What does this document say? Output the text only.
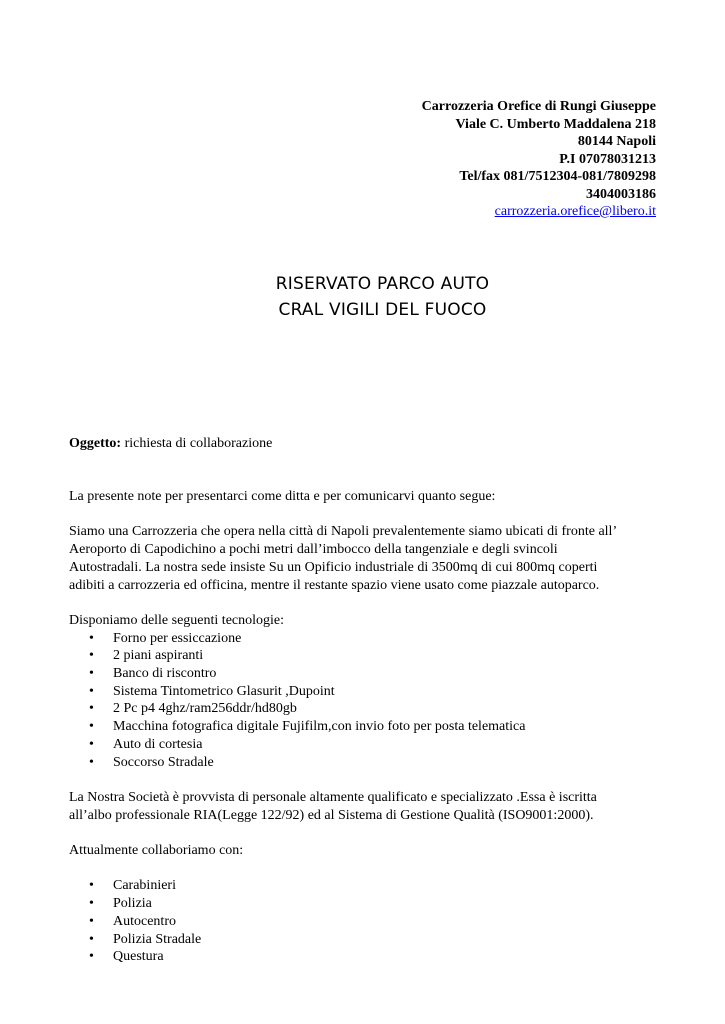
Carrozzeria Orefice di Rungi Giuseppe
Viale C. Umberto Maddalena 218
80144 Napoli
P.I 07078031213
Tel/fax 081/7512304-081/7809298
3404003186
carrozzeria.orefice@libero.it
RISERVATO PARCO AUTO
CRAL VIGILI DEL FUOCO

Oggetto: richiesta di collaborazione

La presente note per presentarci come ditta e per comunicarvi quanto segue:

Siamo una Carrozzeria che opera nella città di Napoli prevalentemente siamo ubicati di fronte all’

Aeroporto di Capodichino a pochi metri dall’imbocco della tangenziale e degli svincoli

Autostradali. La nostra sede insiste Su un Opificio industriale di 3500mq di cui 800mq coperti

adibiti a carrozzeria ed officina, mentre il restante spazio viene usato come piazzale autoparco.

Disponiamo delle seguenti tecnologie:

• Forno per essiccazione
• 2 piani aspiranti
• Banco di riscontro
• Sistema Tintometrico Glasurit ,Dupoint
• 2 Pc p4 4ghz/ram256ddr/hd80gb
• Macchina fotografica digitale Fujifilm,con invio foto per posta telematica
• Auto di cortesia
• Soccorso Stradale

La Nostra Società è provvista di personale altamente qualificato e specializzato .Essa è iscritta

all’albo professionale RIA(Legge 122/92) ed al Sistema di Gestione Qualità (ISO9001:2000).

Attualmente collaboriamo con:

• Carabinieri
• Polizia
• Autocentro
• Polizia Stradale
• Questura
